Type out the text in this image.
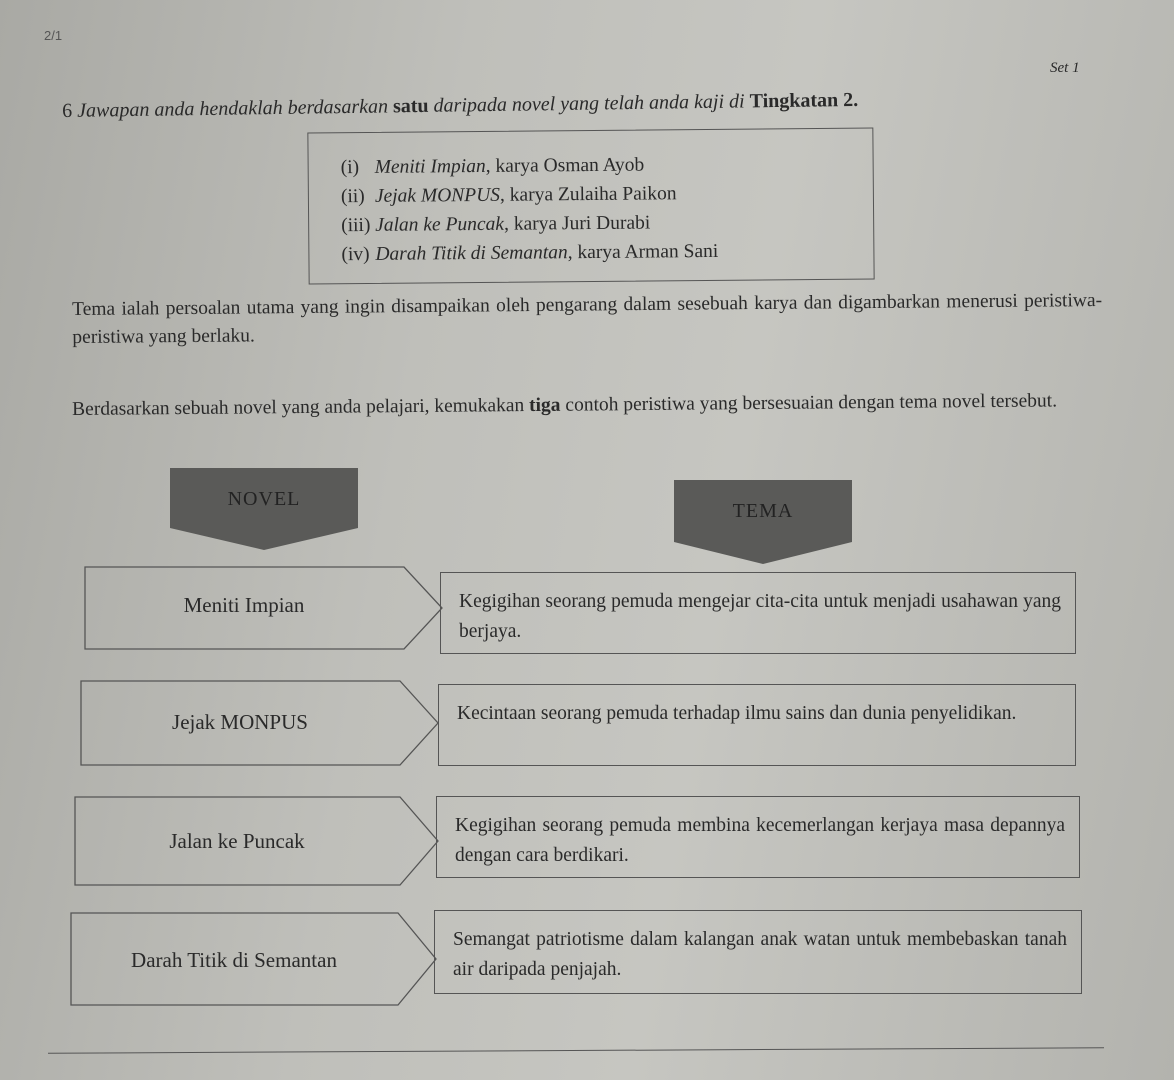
2/1
Set 1
6 Jawapan anda hendaklah berdasarkan satu daripada novel yang telah anda kaji di Tingkatan 2.
(i) Meniti Impian, karya Osman Ayob
(ii) Jejak MONPUS, karya Zulaiha Paikon
(iii) Jalan ke Puncak, karya Juri Durabi
(iv) Darah Titik di Semantan, karya Arman Sani
Tema ialah persoalan utama yang ingin disampaikan oleh pengarang dalam sesebuah karya dan digambarkan menerusi peristiwa-peristiwa yang berlaku.
Berdasarkan sebuah novel yang anda pelajari, kemukakan tiga contoh peristiwa yang bersesuaian dengan tema novel tersebut.
NOVEL
TEMA
Meniti Impian	Kegigihan seorang pemuda mengejar cita-cita untuk menjadi usahawan yang berjaya.
Jejak MONPUS	Kecintaan seorang pemuda terhadap ilmu sains dan dunia penyelidikan.
Jalan ke Puncak
Kegigihan seorang pemuda membina kecemerlangan kerjaya masa depannya dengan cara berdikari.
Darah Titik di Semantan
Semangat patriotisme dalam kalangan anak watan untuk membebaskan tanah air daripada penjajah.
